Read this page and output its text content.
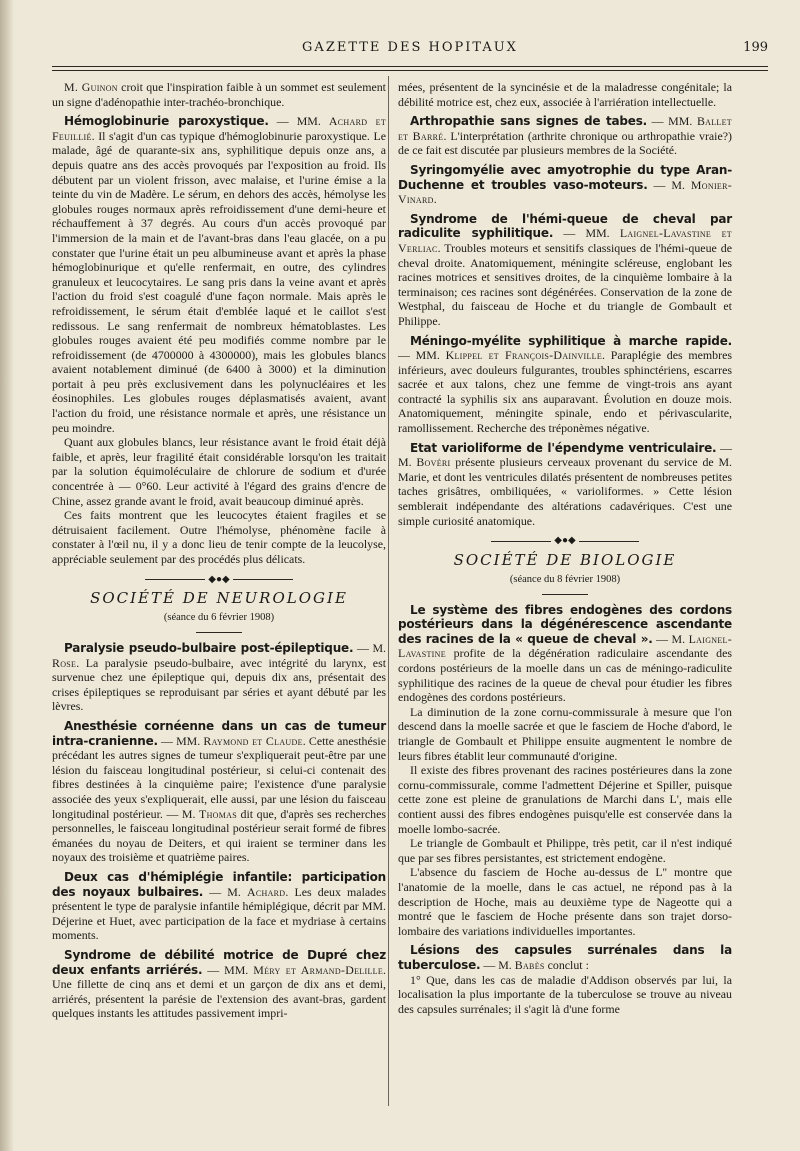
GAZETTE DES HOPITAUX	199

M. Guinon croit que l'inspiration faible à un sommet est seulement un signe d'adénopathie inter-trachéo-bronchique.

Hémoglobinurie paroxystique. — MM. Achard et Feuillié. Il s'agit d'un cas typique d'hémoglobinurie paroxystique. Le malade, âgé de quarante-six ans, syphilitique depuis onze ans, a depuis quatre ans des accès provoqués par l'exposition au froid. Ils débutent par un violent frisson, avec malaise, et l'urine émise a la teinte du vin de Madère. Le sérum, en dehors des accès, hémolyse les globules rouges normaux après refroidissement d'une demi-heure et réchauffement à 37 degrés. Au cours d'un accès provoqué par l'immersion de la main et de l'avant-bras dans l'eau glacée, on a pu constater que l'urine était un peu albumineuse avant et après la phase hémoglobinurique et qu'elle renfermait, en outre, des cylindres granuleux et leucocytaires. Le sang pris dans la veine avant et après l'action du froid s'est coagulé d'une façon normale. Mais après le refroidissement, le sérum était d'emblée laqué et le caillot s'est redissous. Le sang renfermait de nombreux hématoblastes. Les globules rouges avaient été peu modifiés comme nombre par le refroidissement (de 4700000 à 4300000), mais les globules blancs avaient notablement diminué (de 6400 à 3000) et la diminution portait à peu près exclusivement dans les polynucléaires et les éosinophiles. Les globules rouges déplasmatisés avaient, avant l'action du froid, une résistance normale et après, une résistance un peu moindre.

Quant aux globules blancs, leur résistance avant le froid était déjà faible, et après, leur fragilité était considérable lorsqu'on les traitait par la solution équimoléculaire de chlorure de sodium et d'urée concentrée à — 0°60. Leur activité à l'égard des grains d'encre de Chine, assez grande avant le froid, avait beaucoup diminué après.

Ces faits montrent que les leucocytes étaient fragiles et se détruisaient facilement. Outre l'hémolyse, phénomène facile à constater à l'œil nu, il y a donc lieu de tenir compte de la leucolyse, appréciable seulement par des procédés plus délicats.

◆●◆
SOCIÉTÉ DE NEUROLOGIE
(séance du 6 février 1908)

Paralysie pseudo-bulbaire post-épileptique. — M. Rose. La paralysie pseudo-bulbaire, avec intégrité du larynx, est survenue chez une épileptique qui, depuis dix ans, présentait des crises épileptiques se reproduisant par séries et ayant débuté par les lèvres.

Anesthésie cornéenne dans un cas de tumeur intra-cranienne. — MM. Raymond et Claude. Cette anesthésie précédant les autres signes de tumeur s'expliquerait peut-être par une lésion du faisceau longitudinal postérieur, si celui-ci contenait des fibres destinées à la cinquième paire; l'existence d'une paralysie associée des yeux s'expliquerait, elle aussi, par une lésion du faisceau longitudinal postérieur. — M. Thomas dit que, d'après ses recherches personnelles, le faisceau longitudinal postérieur serait formé de fibres émanées du noyau de Deiters, et qui iraient se terminer dans les noyaux des troisième et quatrième paires.

Deux cas d'hémiplégie infantile: participation des noyaux bulbaires. — M. Achard. Les deux malades présentent le type de paralysie infantile hémiplégique, décrit par MM. Déjerine et Huet, avec participation de la face et mydriase à certains moments.

Syndrome de débilité motrice de Dupré chez deux enfants arriérés. — MM. Méry et Armand-Delille. Une fillette de cinq ans et demi et un garçon de dix ans et demi, arriérés, présentent la parésie de l'extension des avant-bras, gardent quelques instants les attitudes passivement impri-

mées, présentent de la syncinésie et de la maladresse congénitale; la débilité motrice est, chez eux, associée à l'arriération intellectuelle.

Arthropathie sans signes de tabes. — MM. Ballet et Barré. L'interprétation (arthrite chronique ou arthropathie vraie?) de ce fait est discutée par plusieurs membres de la Société.

Syringomyélie avec amyotrophie du type Aran-Duchenne et troubles vaso-moteurs. — M. Monier-Vinard.

Syndrome de l'hémi-queue de cheval par radiculite syphilitique. — MM. Laignel-Lavastine et Verliac. Troubles moteurs et sensitifs classiques de l'hémi-queue de cheval droite. Anatomiquement, méningite scléreuse, englobant les racines motrices et sensitives droites, de la cinquième lombaire à la terminaison; ces racines sont dégénérées. Conservation de la zone de Westphal, du faisceau de Hoche et du triangle de Gombault et Philippe.

Méningo-myélite syphilitique à marche rapide. — MM. Klippel et François-Dainville. Paraplégie des membres inférieurs, avec douleurs fulgurantes, troubles sphinctériens, escarres sacrée et aux talons, chez une femme de vingt-trois ans ayant contracté la syphilis six ans auparavant. Évolution en douze mois. Anatomiquement, méningite spinale, endo et périvascularite, ramollissement. Recherche des tréponèmes négative.

Etat varioliforme de l'épendyme ventriculaire. — M. Bovéri présente plusieurs cerveaux provenant du service de M. Marie, et dont les ventricules dilatés présentent de nombreuses petites taches grisâtres, ombiliquées, « varioliformes. » Cette lésion semblerait indépendante des altérations cadavériques. C'est une simple curiosité anatomique.

◆●◆
SOCIÉTÉ DE BIOLOGIE
(séance du 8 février 1908)

Le système des fibres endogènes des cordons postérieurs dans la dégénérescence ascendante des racines de la « queue de cheval ». — M. Laignel-Lavastine profite de la dégénération radiculaire ascendante des cordons postérieurs de la moelle dans un cas de méningo-radiculite syphilitique des racines de la queue de cheval pour étudier les fibres endogènes des cordons postérieurs.

La diminution de la zone cornu-commissurale à mesure que l'on descend dans la moelle sacrée et que le fasciem de Hoche d'abord, le triangle de Gombault et Philippe ensuite augmentent le nombre de leurs fibres établit leur communauté d'origine.

Il existe des fibres provenant des racines postérieures dans la zone cornu-commissurale, comme l'admettent Déjerine et Spiller, puisque cette zone est pleine de granulations de Marchi dans L', mais elle contient aussi des fibres endogènes puisqu'elle est conservée dans la moelle lombo-sacrée.

Le triangle de Gombault et Philippe, très petit, car il n'est indiqué que par ses fibres persistantes, est strictement endogène.

L'absence du fasciem de Hoche au-dessus de L'' montre que l'anatomie de la moelle, dans le cas actuel, ne répond pas à la description de Hoche, mais au deuxième type de Nageotte qui a montré que le fasciem de Hoche présente dans son trajet dorso-lombaire des variations individuelles importantes.

Lésions des capsules surrénales dans la tuberculose. — M. Babès conclut :

1° Que, dans les cas de maladie d'Addison observés par lui, la localisation la plus importante de la tuberculose se trouve au niveau des capsules surrénales; il s'agit là d'une forme
